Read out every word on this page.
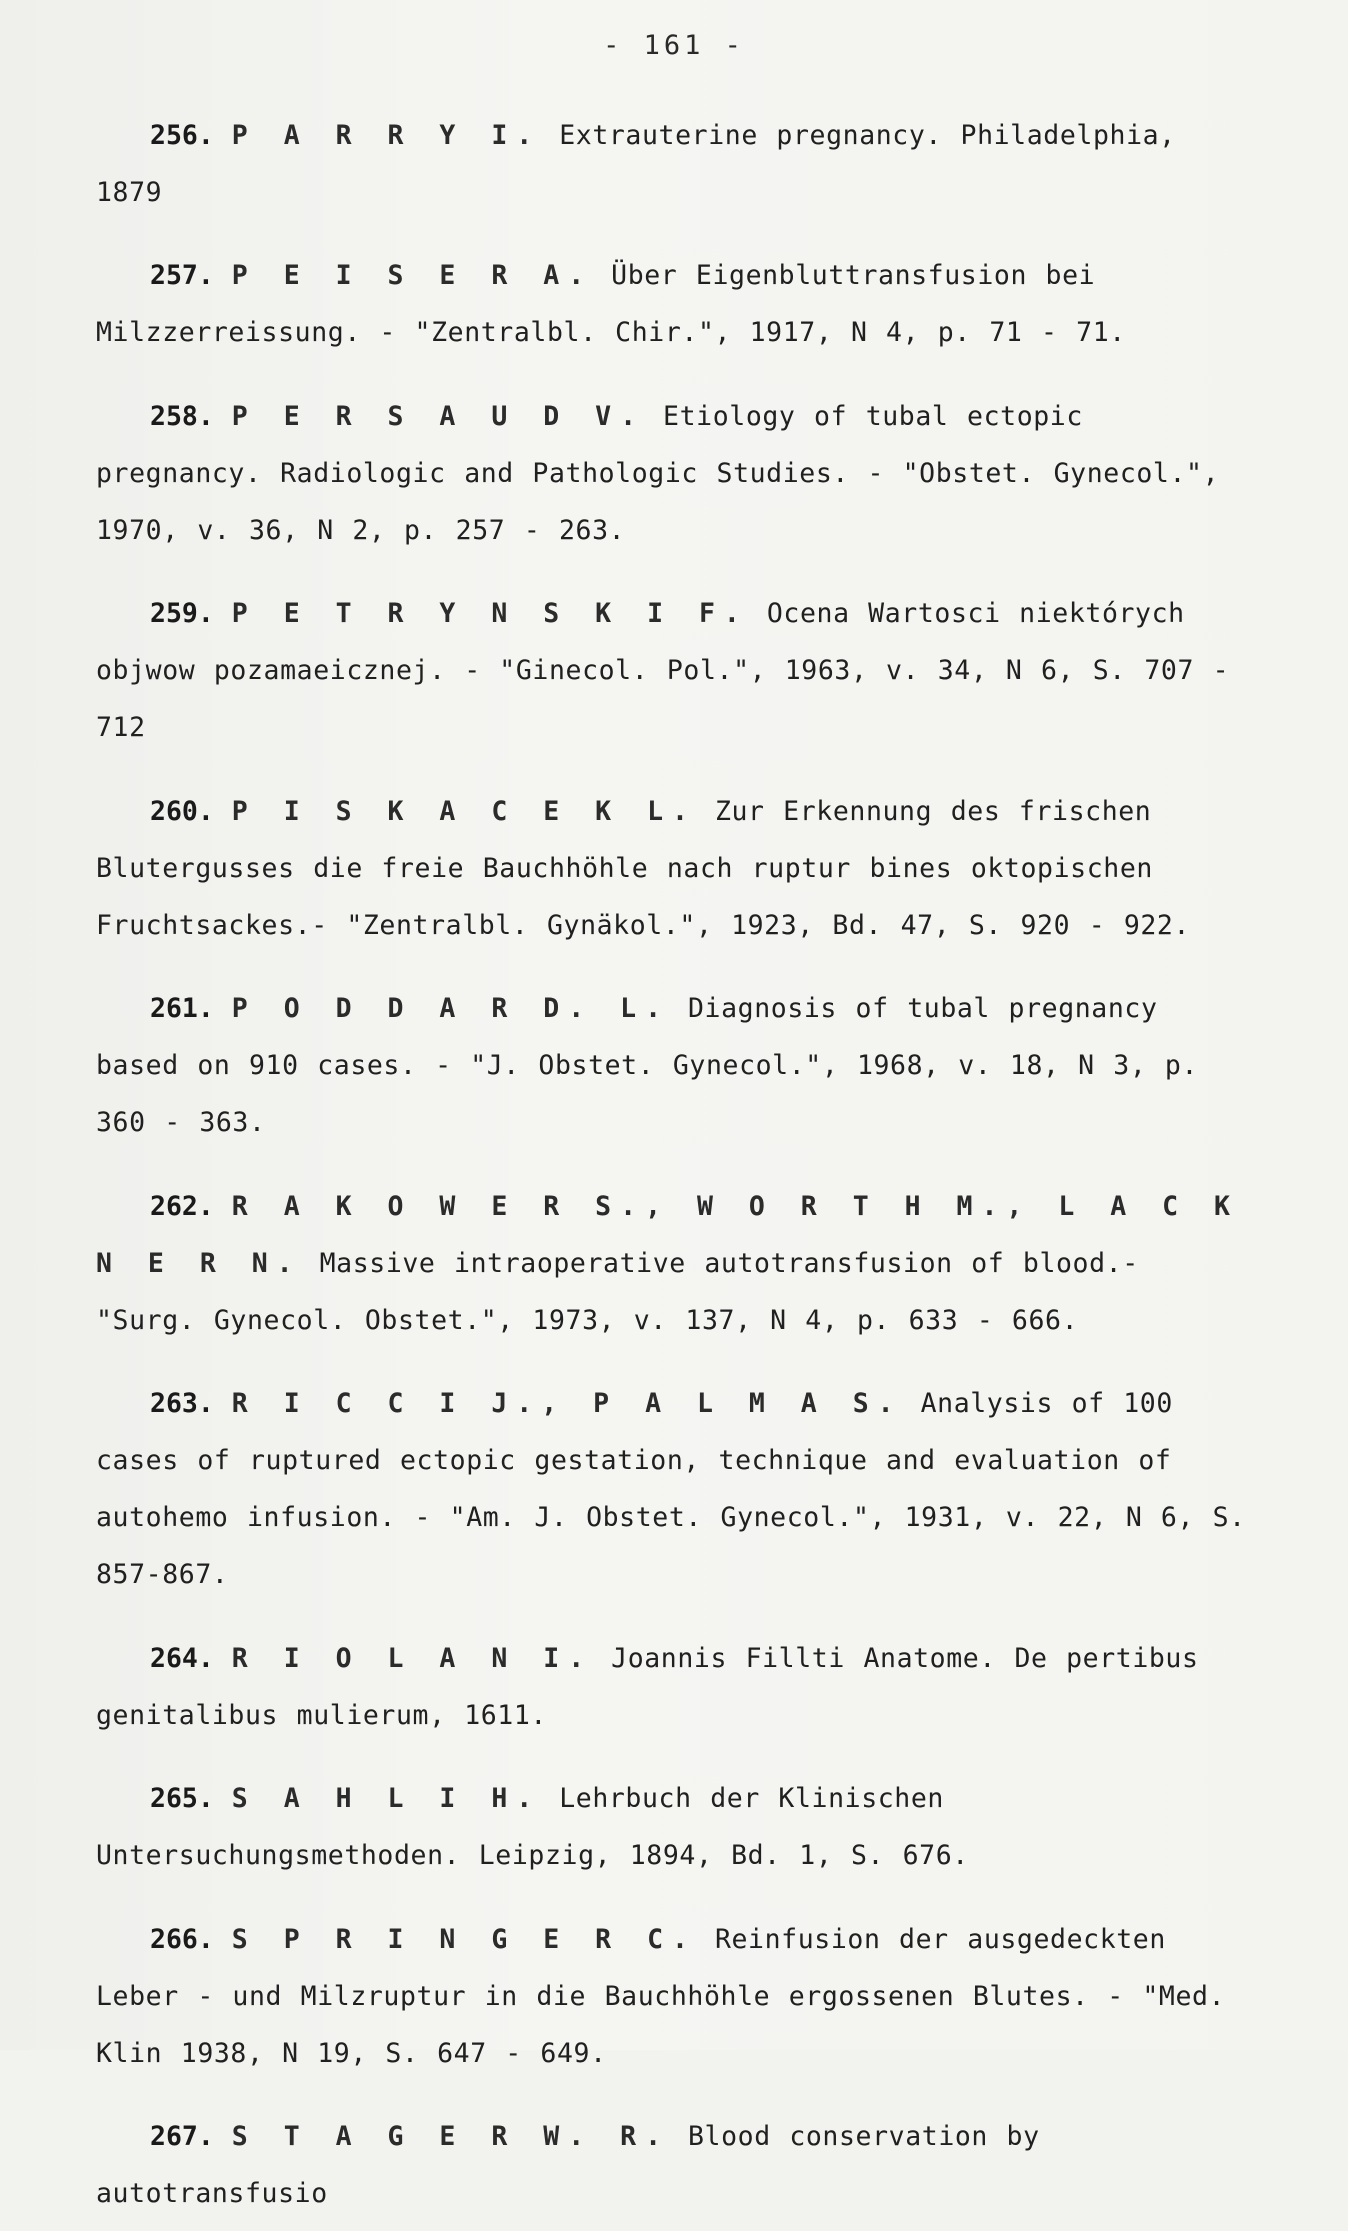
- 161 -

256. P A R R Y I. Extrauterine pregnancy. Philadelphia, 1879

257. P E I S E R A. Über Eigenbluttransfusion bei Milzzerreissung. - "Zentralbl. Chir.", 1917, N 4, p. 71 - 71.

258. P E R S A U D V. Etiology of tubal ectopic pregnancy. Radiologic and Pathologic Studies. - "Obstet. Gynecol.", 1970, v. 36, N 2, p. 257 - 263.

259. P E T R Y N S K I F. Ocena Wartosci niektórych objwow pozamaeicznej. - "Ginecol. Pol.", 1963, v. 34, N 6, S. 707 - 712

260. P I S K A C E K L. Zur Erkennung des frischen Blutergusses die freie Bauchhöhle nach ruptur bines oktopischen Fruchtsackes.- "Zentralbl. Gynäkol.", 1923, Bd. 47, S. 920 - 922.

261. P O D D A R D. L. Diagnosis of tubal pregnancy based on 910 cases. - "J. Obstet. Gynecol.", 1968, v. 18, N 3, p. 360 - 363.

262. R A K O W E R S., W O R T H M., L A C K N E R N. Massive intraoperative autotransfusion of blood.- "Surg. Gynecol. Obstet.", 1973, v. 137, N 4, p. 633 - 666.

263. R I C C I J., P A L M A S. Analysis of 100 cases of ruptured ectopic gestation, technique and evaluation of autohemo infusion. - "Am. J. Obstet. Gynecol.", 1931, v. 22, N 6, S. 857-867.

264. R I O L A N I. Joannis Fillti Anatome. De pertibus genitalibus mulierum, 1611.

265. S A H L I H. Lehrbuch der Klinischen Untersuchungsmethoden. Leipzig, 1894, Bd. 1, S. 676.

266. S P R I N G E R C. Reinfusion der ausgedeckten Leber - und Milzruptur in die Bauchhöhle ergossenen Blutes. - "Med. Klin 1938, N 19, S. 647 - 649.

267. S T A G E R W. R. Blood conservation by autotransfusio
